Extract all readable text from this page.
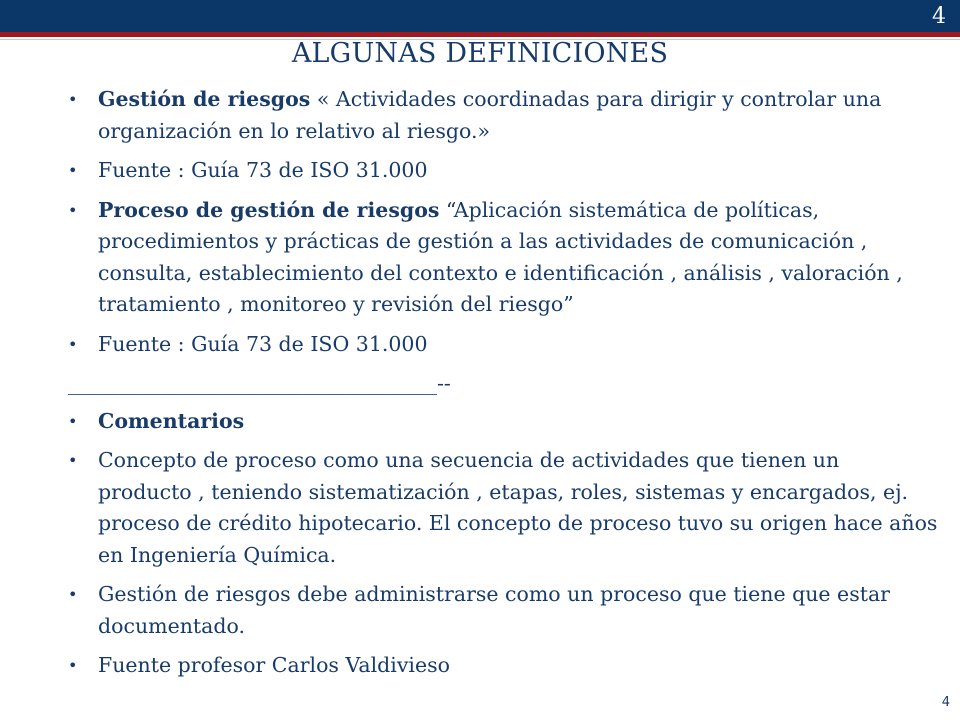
4
ALGUNAS DEFINICIONES
• Gestión de riesgos « Actividades coordinadas para dirigir y controlar una organización en lo relativo al riesgo.»
• Fuente : Guía 73 de ISO 31.000
• Proceso de gestión de riesgos “Aplicación sistemática de políticas, procedimientos y prácticas de gestión a las actividades de comunicación , consulta, establecimiento del contexto e identificación , análisis , valoración , tratamiento , monitoreo y revisión del riesgo”
• Fuente : Guía 73 de ISO 31.000
____________________________________--
• Comentarios
• Concepto de proceso como una secuencia de actividades que tienen un producto , teniendo sistematización , etapas, roles, sistemas y encargados, ej. proceso de crédito hipotecario. El concepto de proceso tuvo su origen hace años en Ingeniería Química.
• Gestión de riesgos debe administrarse como un proceso que tiene que estar documentado.
• Fuente profesor Carlos Valdivieso
4
